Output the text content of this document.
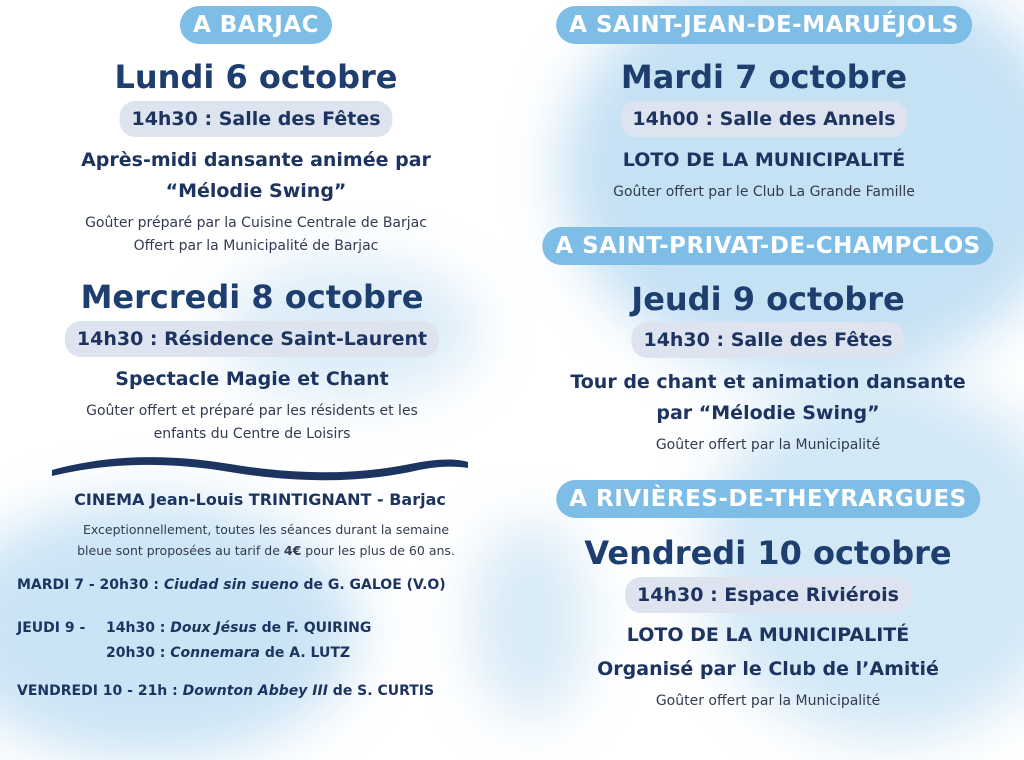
A BARJAC
Lundi 6 octobre
14h30 : Salle des Fêtes
Après-midi dansante animée par
“Mélodie Swing”
Goûter préparé par la Cuisine Centrale de Barjac
Offert par la Municipalité de Barjac
Mercredi 8 octobre
14h30 : Résidence Saint-Laurent
Spectacle Magie et Chant
Goûter offert et préparé par les résidents et les
enfants du Centre de Loisirs
CINEMA Jean-Louis TRINTIGNANT - Barjac
Exceptionnellement, toutes les séances durant la semaine
bleue sont proposées au tarif de 4€ pour les plus de 60 ans.
MARDI 7 - 20h30 : Ciudad sin sueno de G. GALOE (V.O)
JEUDI 9 - 14h30 : Doux Jésus de F. QUIRING
20h30 : Connemara de A. LUTZ
VENDREDI 10 - 21h : Downton Abbey III de S. CURTIS
A SAINT-JEAN-DE-MARUÉJOLS
Mardi 7 octobre
14h00 : Salle des Annels
LOTO DE LA MUNICIPALITÉ
Goûter offert par le Club La Grande Famille
A SAINT-PRIVAT-DE-CHAMPCLOS
Jeudi 9 octobre
14h30 : Salle des Fêtes
Tour de chant et animation dansante
par “Mélodie Swing”
Goûter offert par la Municipalité
A RIVIÈRES-DE-THEYRARGUES
Vendredi 10 octobre
14h30 : Espace Riviérois
LOTO DE LA MUNICIPALITÉ
Organisé par le Club de l’Amitié
Goûter offert par la Municipalité
